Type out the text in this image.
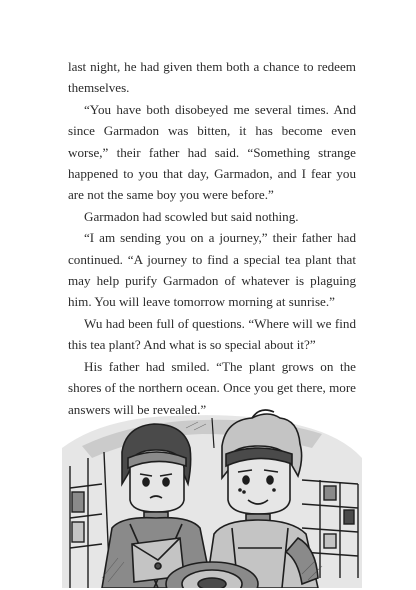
last night, he had given them both a chance to redeem themselves.

“You have both disobeyed me several times. And since Garmadon was bitten, it has become even worse,” their father had said. “Something strange happened to you that day, Garmadon, and I fear you are not the same boy you were before.”

Garmadon had scowled but said nothing.

“I am sending you on a journey,” their father had continued. “A journey to find a special tea plant that may help purify Garmadon of whatever is plaguing him. You will leave tomorrow morning at sunrise.”

Wu had been full of questions. “Where will we find this tea plant? And what is so special about it?”

His father had smiled. “The plant grows on the shores of the northern ocean. Once you get there, more answers will be revealed.”
